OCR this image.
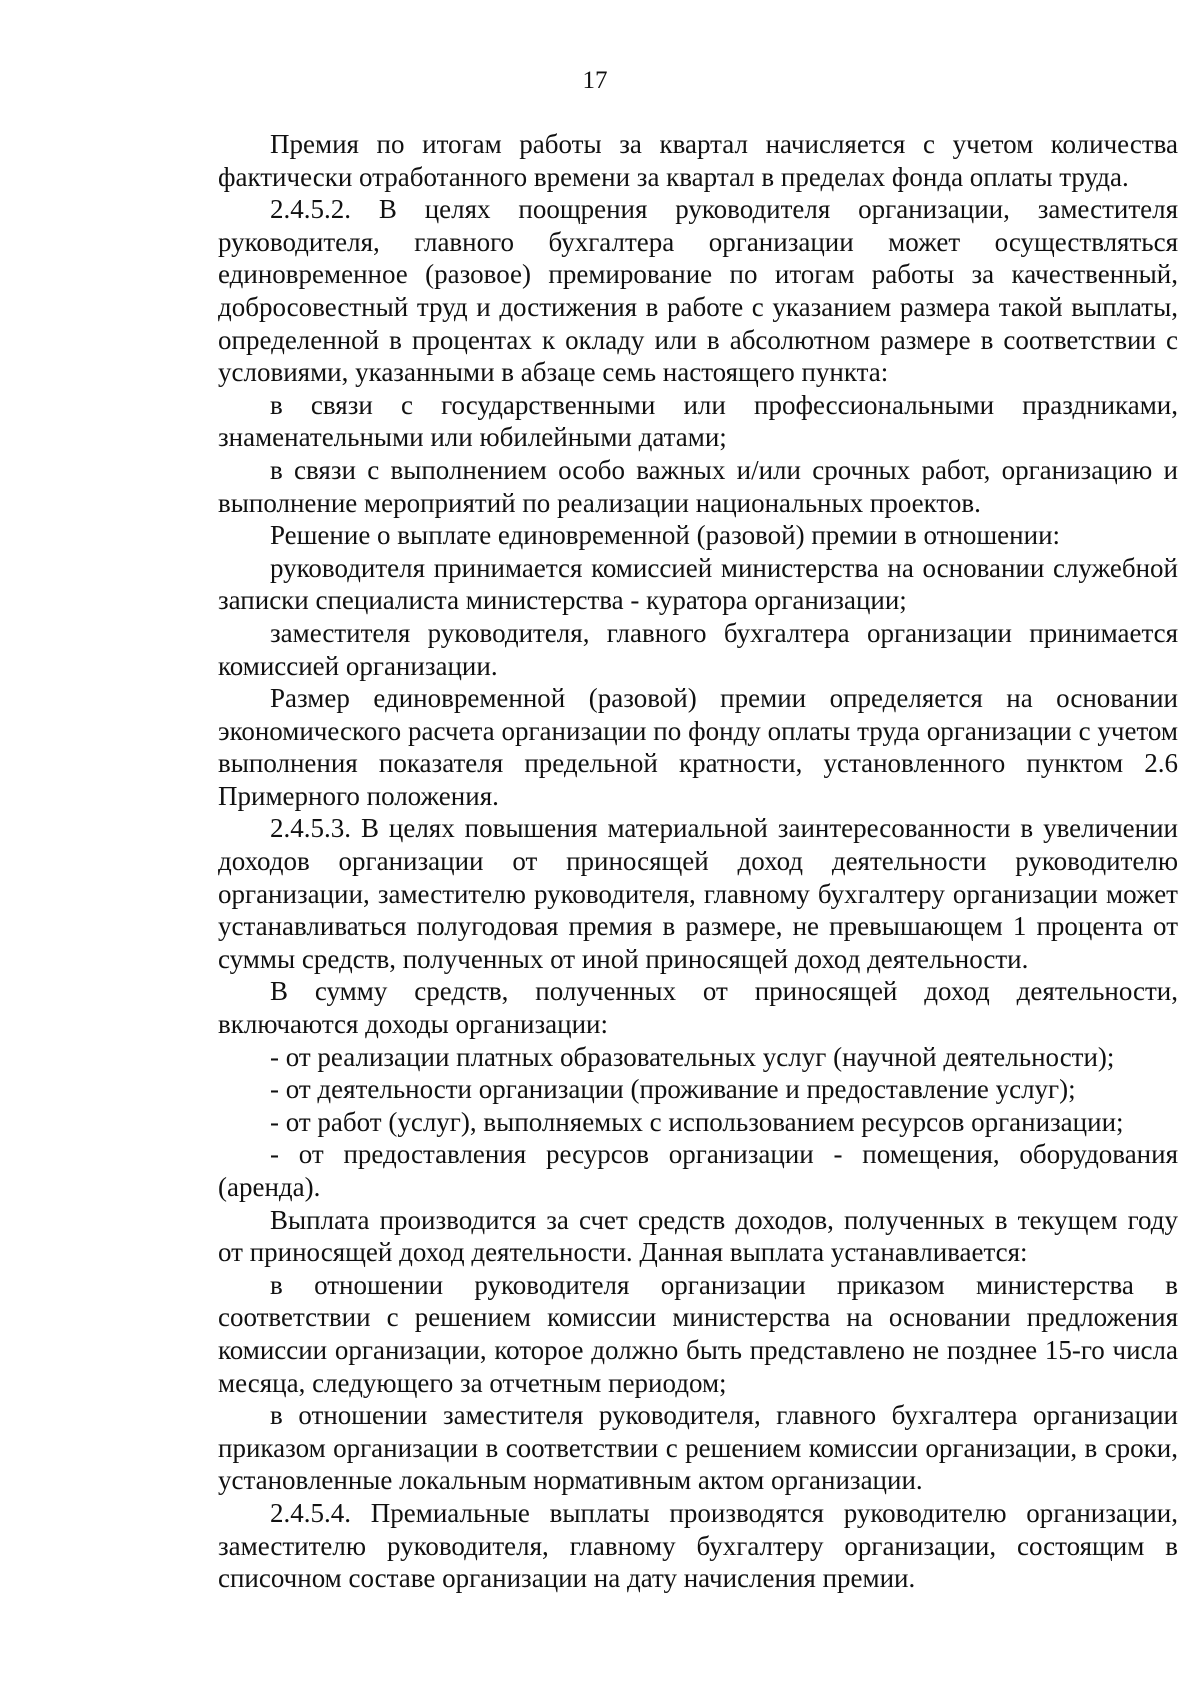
17

Премия по итогам работы за квартал начисляется с учетом количества фактически отработанного времени за квартал в пределах фонда оплаты труда.

2.4.5.2. В целях поощрения руководителя организации, заместителя руководителя, главного бухгалтера организации может осуществляться единовременное (разовое) премирование по итогам работы за качественный, добросовестный труд и достижения в работе с указанием размера такой выплаты, определенной в процентах к окладу или в абсолютном размере в соответствии с условиями, указанными в абзаце семь настоящего пункта:

в связи с государственными или профессиональными праздниками, знаменательными или юбилейными датами;

в связи с выполнением особо важных и/или срочных работ, организацию и выполнение мероприятий по реализации национальных проектов.

Решение о выплате единовременной (разовой) премии в отношении:

руководителя принимается комиссией министерства на основании служебной записки специалиста министерства - куратора организации;

заместителя руководителя, главного бухгалтера организации принимается комиссией организации.

Размер единовременной (разовой) премии определяется на основании экономического расчета организации по фонду оплаты труда организации с учетом выполнения показателя предельной кратности, установленного пунктом 2.6 Примерного положения.

2.4.5.3. В целях повышения материальной заинтересованности в увеличении доходов организации от приносящей доход деятельности руководителю организации, заместителю руководителя, главному бухгалтеру организации может устанавливаться полугодовая премия в размере, не превышающем 1 процента от суммы средств, полученных от иной приносящей доход деятельности.

В сумму средств, полученных от приносящей доход деятельности, включаются доходы организации:

- от реализации платных образовательных услуг (научной деятельности);

- от деятельности организации (проживание и предоставление услуг);

- от работ (услуг), выполняемых с использованием ресурсов организации;

- от предоставления ресурсов организации - помещения, оборудования (аренда).

Выплата производится за счет средств доходов, полученных в текущем году от приносящей доход деятельности. Данная выплата устанавливается:

в отношении руководителя организации приказом министерства в соответствии с решением комиссии министерства на основании предложения комиссии организации, которое должно быть представлено не позднее 15-го числа месяца, следующего за отчетным периодом;

в отношении заместителя руководителя, главного бухгалтера организации приказом организации в соответствии с решением комиссии организации, в сроки, установленные локальным нормативным актом организации.

2.4.5.4. Премиальные выплаты производятся руководителю организации, заместителю руководителя, главному бухгалтеру организации, состоящим в списочном составе организации на дату начисления премии.
